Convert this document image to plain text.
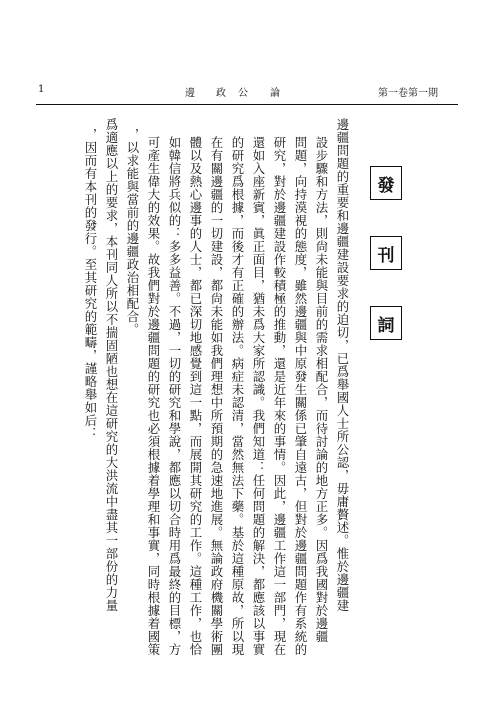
1	邊 政 公 論	第一卷第一期
發
刊
詞
邊疆問題的重要和邊疆建設要求的迫切，已爲舉國人士所公認，毋庸贅述。惟於邊疆建
設步驟和方法，則尙未能與目前的需求相配合，而待討論的地方正多。因爲我國對於邊疆
問題，向持漠視的態度，雖然邊疆與中原發生關係已肇自遠古，但對於邊疆問題作有系統的
研究，對於邊疆建設作較積極的推動，還是近年來的事情。因此，邊疆工作這一部門，現在
還如入座新賓，眞正面目，猶未爲大家所認識。我們知道：任何問題的解決，都應該以事實
的研究爲根據，而後才有正確的辦法。病症未認清，當然無法下藥。基於這種原故，所以現
在有關邊疆的一切建設，都尙未能如我們理想中所預期的急速地進展。無論政府機關學術團
體以及熱心邊事的人士，都已深切地感覺到這一點，而展開其研究的工作。這種工作，也恰
如韓信將兵似的：多多益善。不過，一切的研究和學說，都應以切合時用爲最終的目標，方
可產生偉大的效果。故我們對於邊疆問題的研究也必須根據着學理和事實，同時根據着國策
，以求能與當前的邊疆政治相配合。
爲適應以上的要求，本刊同人所以不揣固陋也想在這研究的大洪流中盡其一部份的力量
，因而有本刊的發行。至其研究的範疇，謹略舉如后：
